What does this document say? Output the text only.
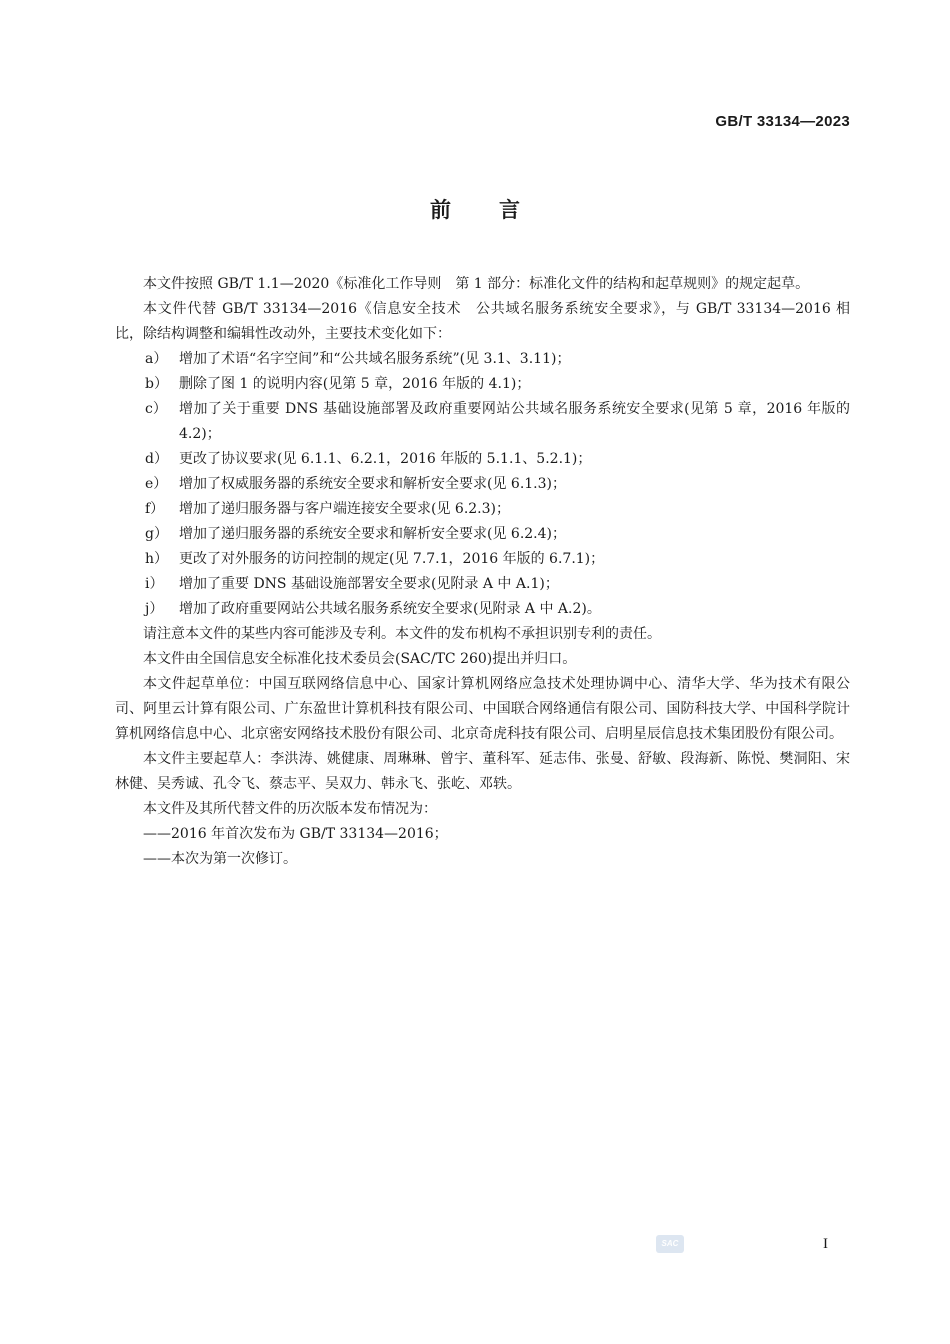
GB/T 33134—2023
前言

本文件按照 GB/T 1.1—2020《标准化工作导则　第 1 部分：标准化文件的结构和起草规则》的规定起草。

本文件代替 GB/T 33134—2016《信息安全技术　公共域名服务系统安全要求》，与 GB/T 33134—2016 相比，除结构调整和编辑性改动外，主要技术变化如下：

a） 增加了术语“名字空间”和“公共域名服务系统”(见 3.1、3.11)；

b） 删除了图 1 的说明内容(见第 5 章，2016 年版的 4.1)；

c） 增加了关于重要 DNS 基础设施部署及政府重要网站公共域名服务系统安全要求(见第 5 章，2016 年版的 4.2)；

d） 更改了协议要求(见 6.1.1、6.2.1，2016 年版的 5.1.1、5.2.1)；

e） 增加了权威服务器的系统安全要求和解析安全要求(见 6.1.3)；

f） 增加了递归服务器与客户端连接安全要求(见 6.2.3)；

g） 增加了递归服务器的系统安全要求和解析安全要求(见 6.2.4)；

h） 更改了对外服务的访问控制的规定(见 7.7.1，2016 年版的 6.7.1)；

i） 增加了重要 DNS 基础设施部署安全要求(见附录 A 中 A.1)；

j） 增加了政府重要网站公共域名服务系统安全要求(见附录 A 中 A.2)。

请注意本文件的某些内容可能涉及专利。本文件的发布机构不承担识别专利的责任。

本文件由全国信息安全标准化技术委员会(SAC/TC 260)提出并归口。

本文件起草单位：中国互联网络信息中心、国家计算机网络应急技术处理协调中心、清华大学、华为技术有限公司、阿里云计算有限公司、广东盈世计算机科技有限公司、中国联合网络通信有限公司、国防科技大学、中国科学院计算机网络信息中心、北京密安网络技术股份有限公司、北京奇虎科技有限公司、启明星辰信息技术集团股份有限公司。

本文件主要起草人：李洪涛、姚健康、周琳琳、曾宇、董科军、延志伟、张曼、舒敏、段海新、陈悦、樊洞阳、宋林健、吴秀诚、孔令飞、蔡志平、吴双力、韩永飞、张屹、邓轶。

本文件及其所代替文件的历次版本发布情况为：

——2016 年首次发布为 GB/T 33134—2016；

——本次为第一次修订。

SAC	I
